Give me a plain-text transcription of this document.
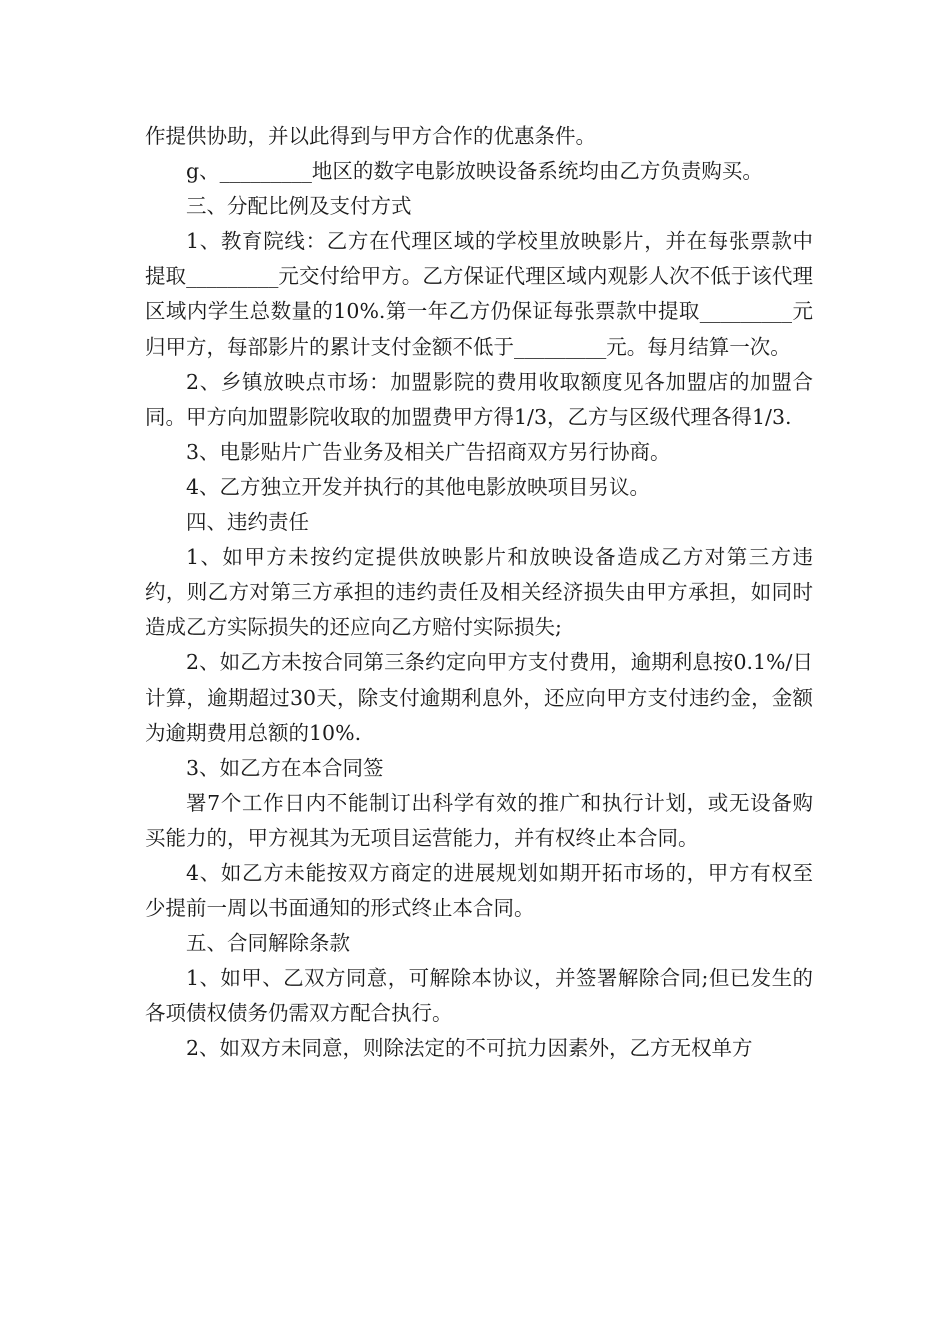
作提供协助，并以此得到与甲方合作的优惠条件。

g、_________地区的数字电影放映设备系统均由乙方负责购买。

三、分配比例及支付方式

1、教育院线：乙方在代理区域的学校里放映影片，并在每张票款中提取_________元交付给甲方。乙方保证代理区域内观影人次不低于该代理区域内学生总数量的10%.第一年乙方仍保证每张票款中提取_________元归甲方，每部影片的累计支付金额不低于_________元。每月结算一次。

2、乡镇放映点市场：加盟影院的费用收取额度见各加盟店的加盟合同。甲方向加盟影院收取的加盟费甲方得1/3，乙方与区级代理各得1/3.

3、电影贴片广告业务及相关广告招商双方另行协商。

4、乙方独立开发并执行的其他电影放映项目另议。

四、违约责任

1、如甲方未按约定提供放映影片和放映设备造成乙方对第三方违约，则乙方对第三方承担的违约责任及相关经济损失由甲方承担，如同时造成乙方实际损失的还应向乙方赔付实际损失;

2、如乙方未按合同第三条约定向甲方支付费用，逾期利息按0.1%/日计算，逾期超过30天，除支付逾期利息外，还应向甲方支付违约金，金额为逾期费用总额的10%.

3、如乙方在本合同签

署7个工作日内不能制订出科学有效的推广和执行计划，或无设备购买能力的，甲方视其为无项目运营能力，并有权终止本合同。

4、如乙方未能按双方商定的进展规划如期开拓市场的，甲方有权至少提前一周以书面通知的形式终止本合同。

五、合同解除条款

1、如甲、乙双方同意，可解除本协议，并签署解除合同;但已发生的各项债权债务仍需双方配合执行。

2、如双方未同意，则除法定的不可抗力因素外，乙方无权单方
